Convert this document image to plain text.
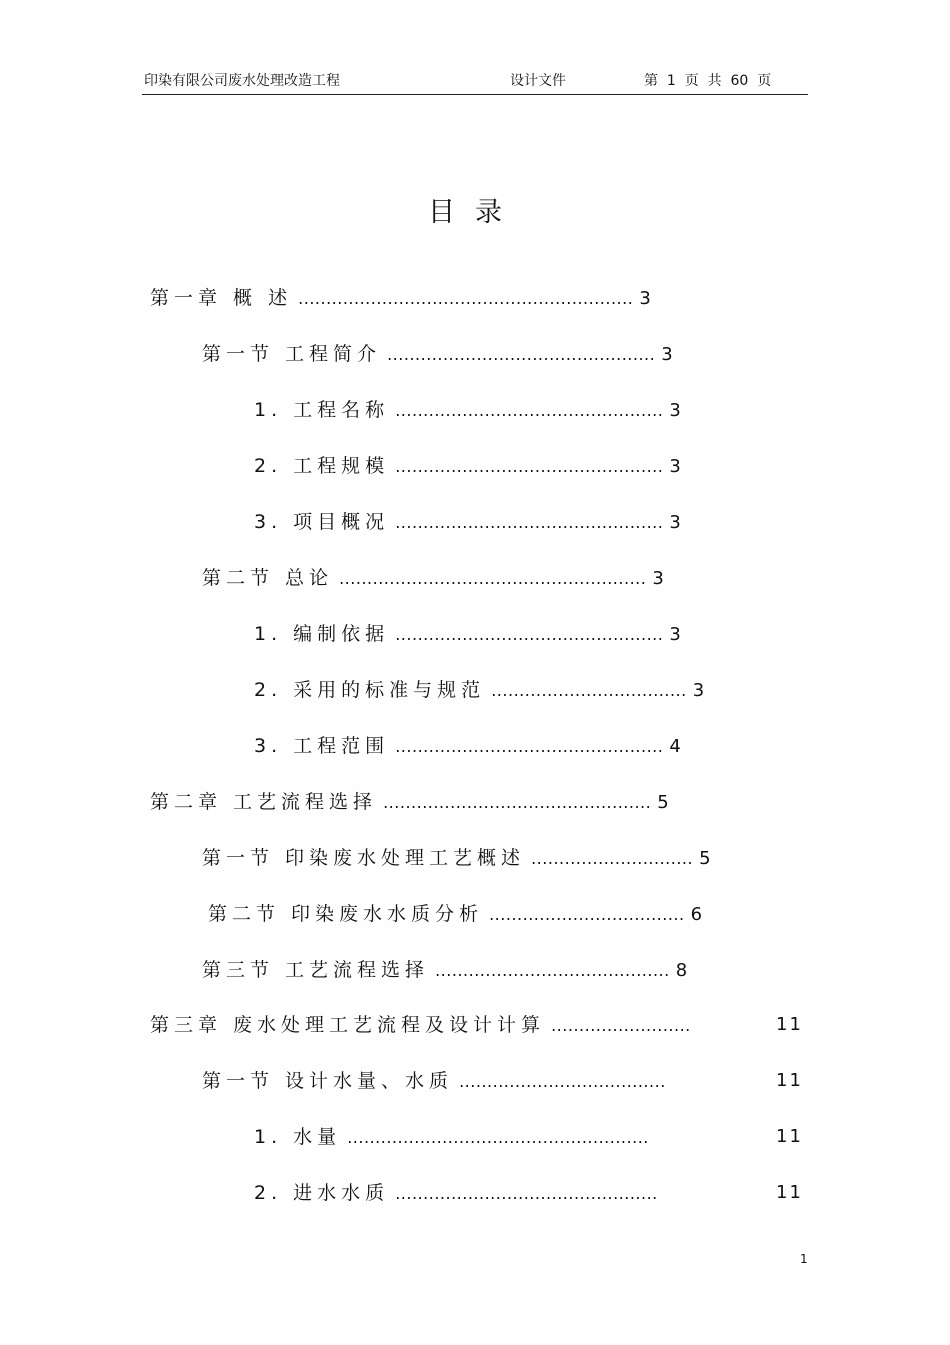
印染有限公司废水处理改造工程	设计文件	第  1  页  共  60  页
目录
第一章 概 述 ............................................................ 3
第一节 工程简介 ................................................ 3
1. 工程名称 ................................................ 3
2. 工程规模 ................................................ 3
3. 项目概况 ................................................ 3
第二节 总论 ....................................................... 3
1. 编制依据 ................................................ 3
2. 采用的标准与规范 ................................... 3
3. 工程范围 ................................................ 4
第二章 工艺流程选择 ................................................ 5
第一节 印染废水处理工艺概述 ............................. 5
第二节 印染废水水质分析 ................................... 6
第三节 工艺流程选择 .......................................... 8
第三章 废水处理工艺流程及设计计算 .........................	11
第一节 设计水量、水质 .....................................	11
1. 水量 ......................................................	11
2. 进水水质 ...............................................	11
1
